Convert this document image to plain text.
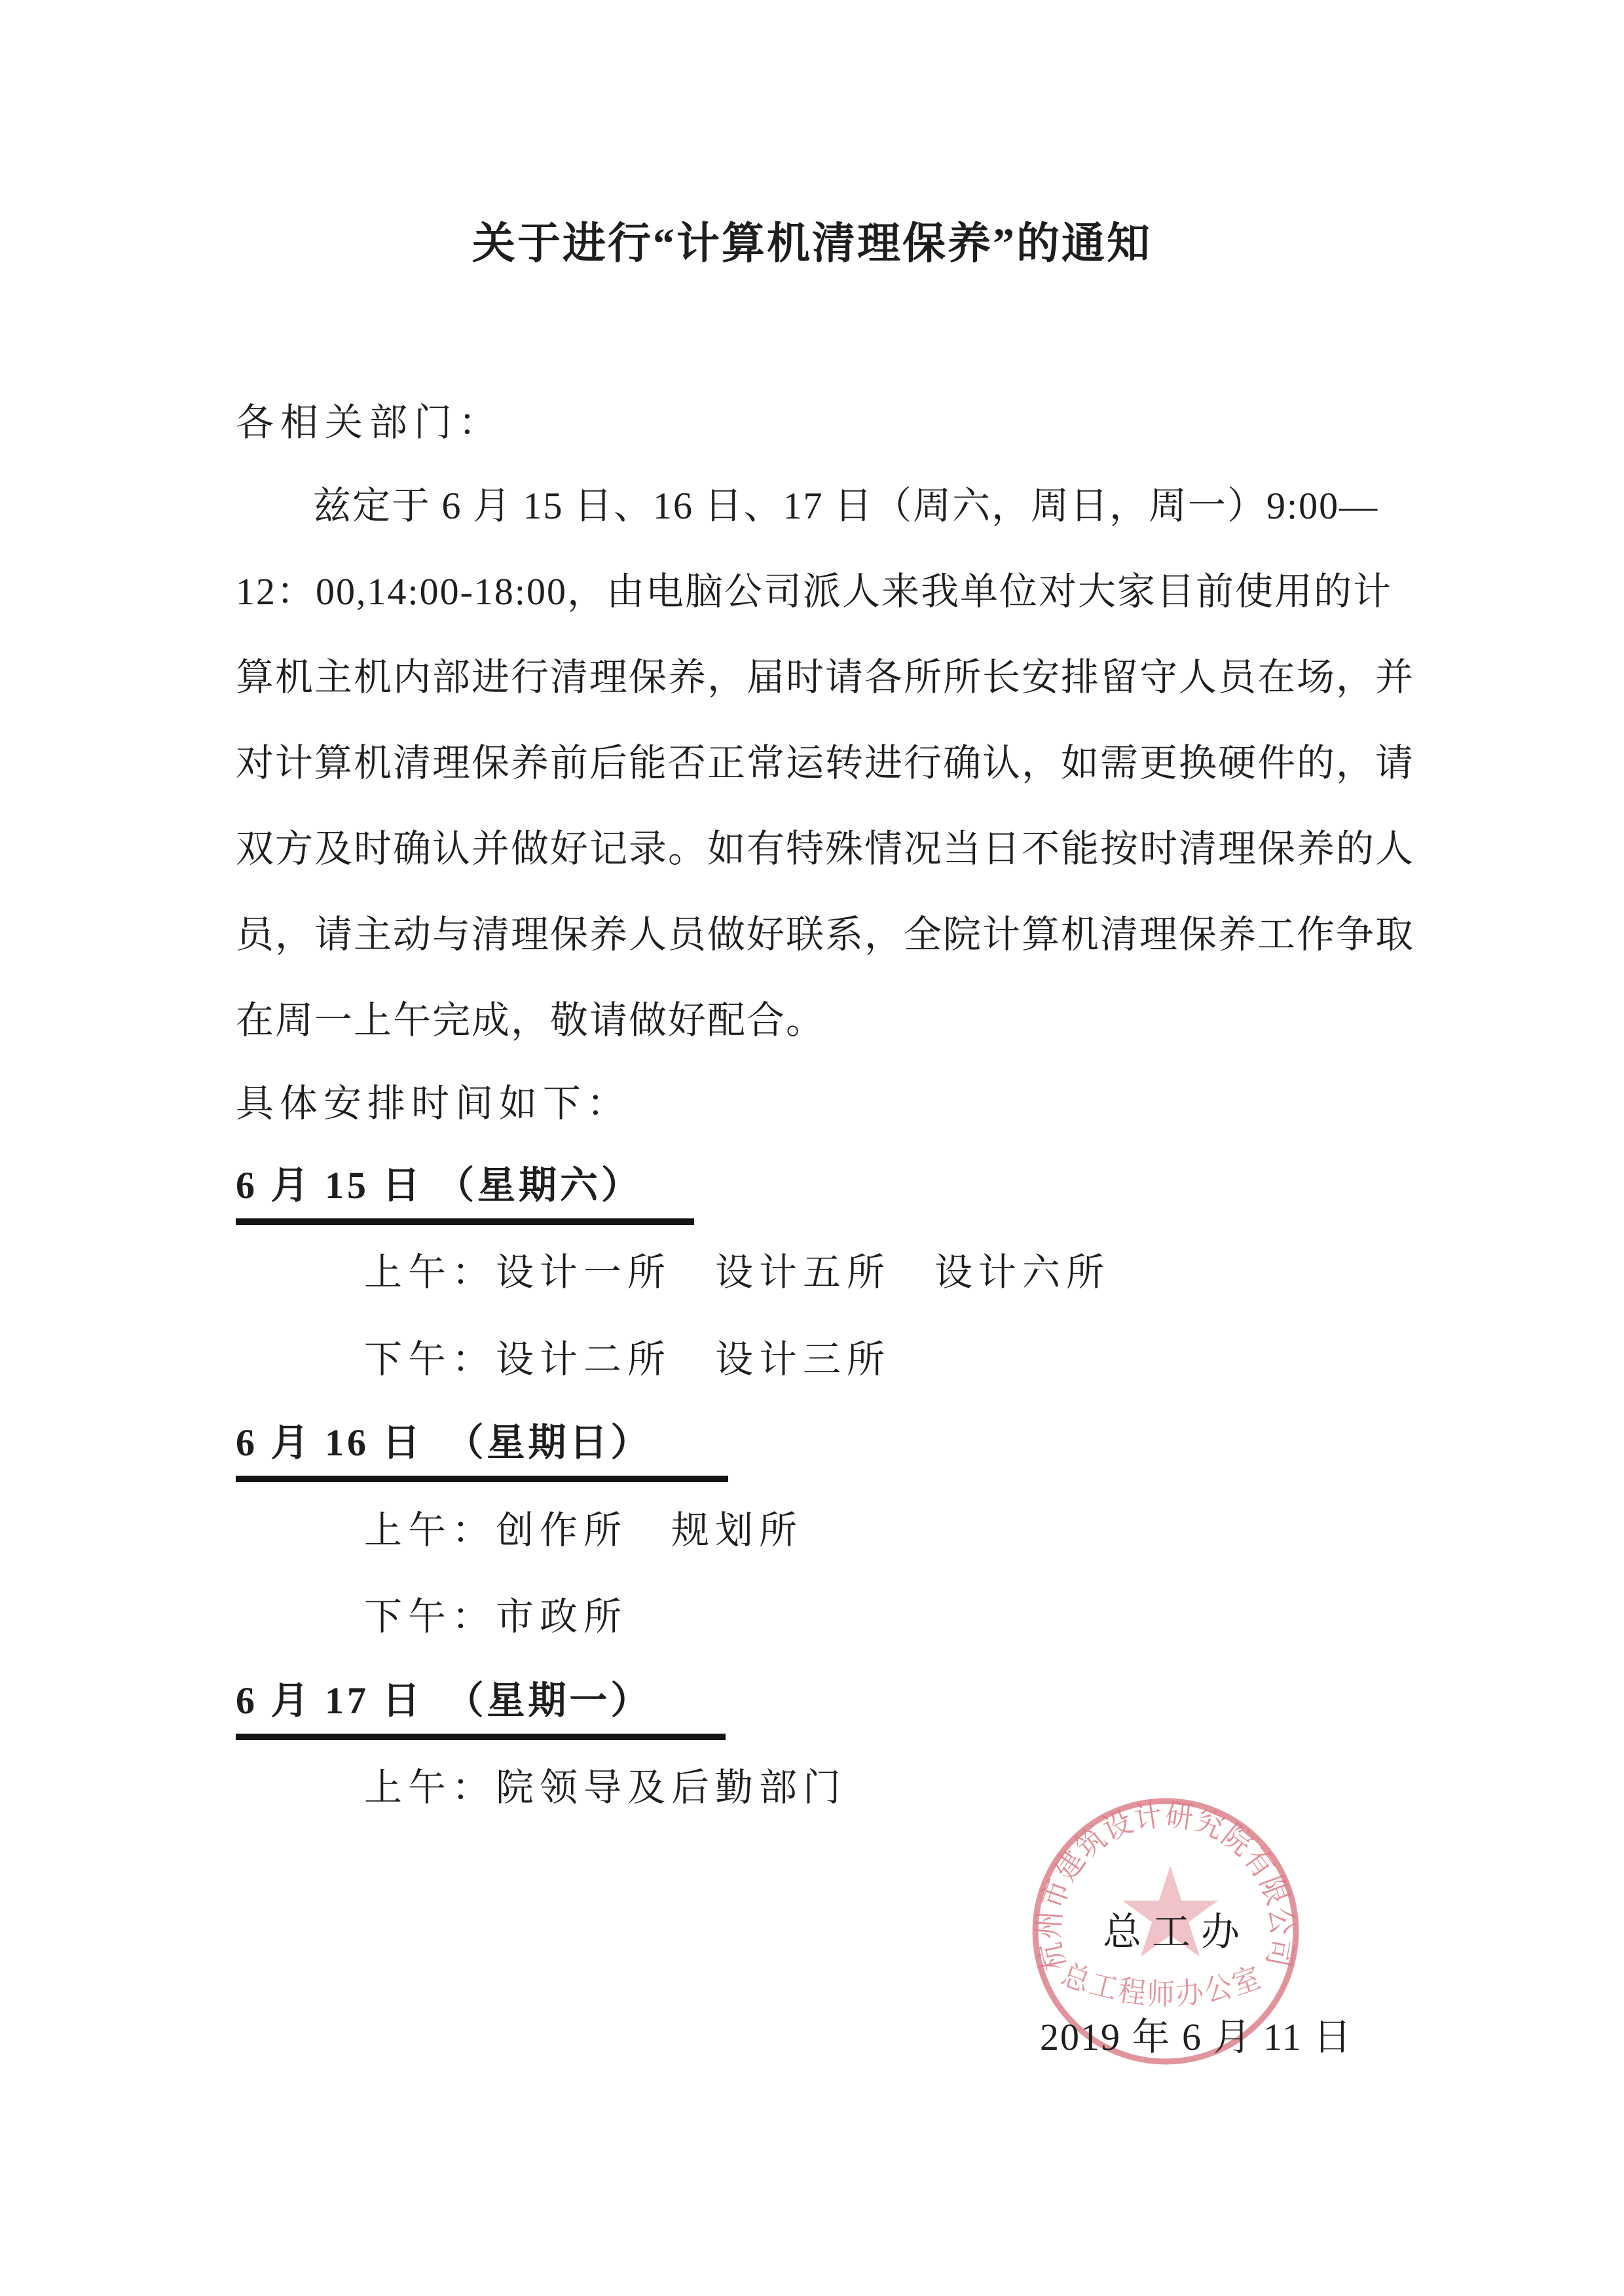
关于进行“计算机清理保养”的通知
各相关部门：
兹定于 6 月 15 日、16 日、17 日（周六，周日，周一）9:00—
12：00,14:00-18:00，由电脑公司派人来我单位对大家目前使用的计
算机主机内部进行清理保养，届时请各所所长安排留守人员在场，并
对计算机清理保养前后能否正常运转进行确认，如需更换硬件的，请
双方及时确认并做好记录。如有特殊情况当日不能按时清理保养的人
员，请主动与清理保养人员做好联系，全院计算机清理保养工作争取
在周一上午完成，敬请做好配合。
具体安排时间如下：
6 月 15 日 （星期六）
上午：设计一所　设计五所　设计六所
下午：设计二所　设计三所
6 月 16 日　（星期日）
上午：创作所　规划所
下午：市政所
6 月 17 日　（星期一）
上午：院领导及后勤部门
杭州市建筑设计研究院有限公司
总工程师办公室
总工办
2019 年 6 月 11 日
